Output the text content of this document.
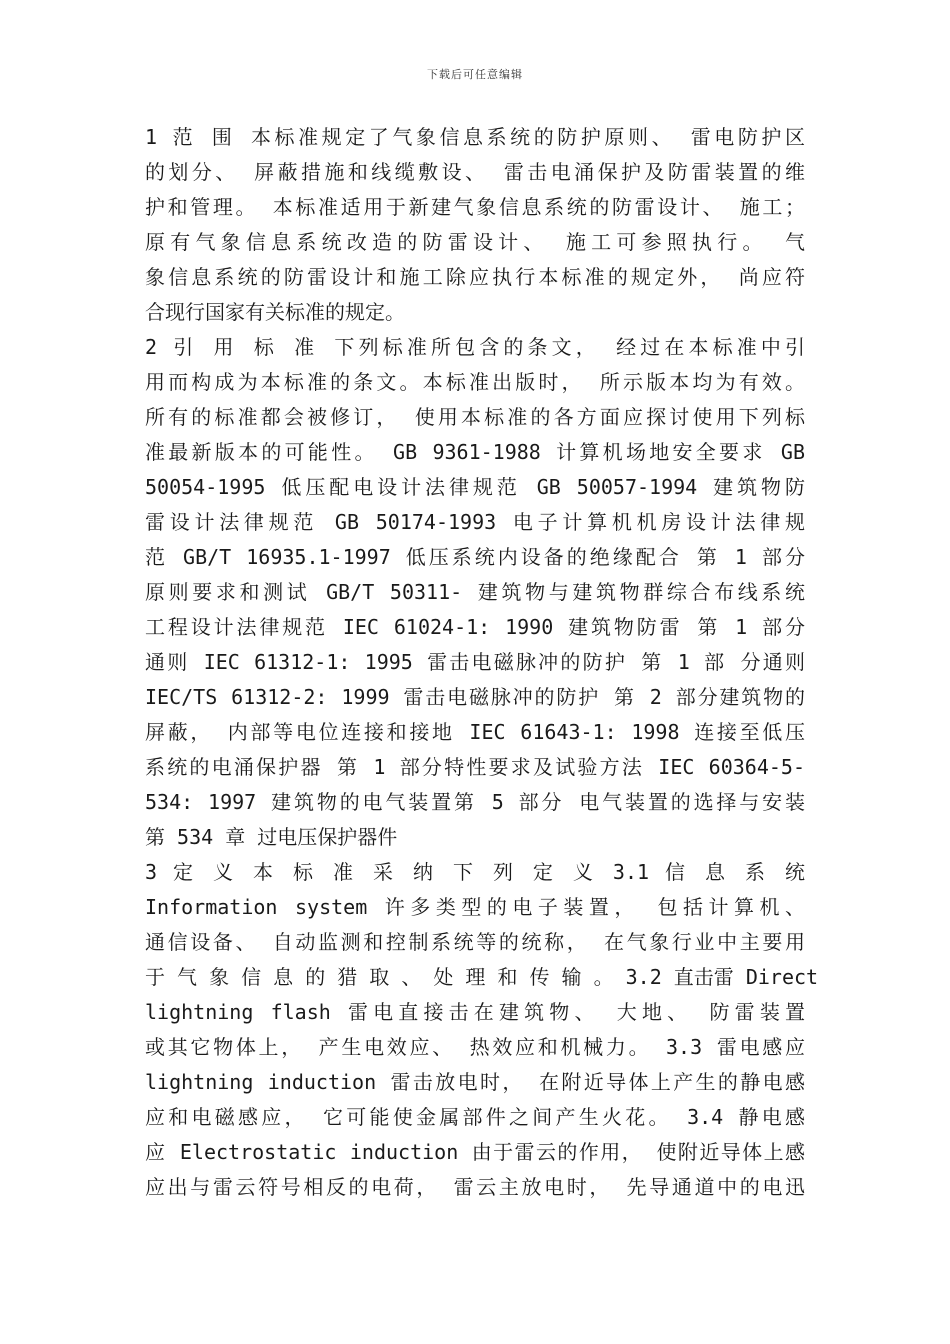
下载后可任意编辑
1 范 围 本标准规定了气象信息系统的防护原则、 雷电防护区
的划分、 屏蔽措施和线缆敷设、 雷击电涌保护及防雷装置的维
护和管理。 本标准适用于新建气象信息系统的防雷设计、 施工；
原有气象信息系统改造的防雷设计、 施工可参照执行。 气
象信息系统的防雷设计和施工除应执行本标准的规定外， 尚应符
合现行国家有关标准的规定。
2 引 用 标 准 下列标准所包含的条文， 经过在本标准中引
用而构成为本标准的条文。本标准出版时， 所示版本均为有效。
所有的标准都会被修订， 使用本标准的各方面应探讨使用下列标
准最新版本的可能性。 GB 9361-1988 计算机场地安全要求 GB
50054-1995 低压配电设计法律规范 GB 50057-1994 建筑物防
雷设计法律规范 GB 50174-1993 电子计算机机房设计法律规
范 GB/T 16935.1-1997 低压系统内设备的绝缘配合 第 1 部分
原则要求和测试 GB/T 50311- 建筑物与建筑物群综合布线系统
工程设计法律规范 IEC 61024-1: 1990 建筑物防雷 第 1 部分
通则 IEC 61312-1: 1995 雷击电磁脉冲的防护 第 1 部 分通则
IEC/TS 61312-2: 1999 雷击电磁脉冲的防护 第 2 部分建筑物的
屏蔽， 内部等电位连接和接地 IEC 61643-1: 1998 连接至低压
系统的电涌保护器 第 1 部分特性要求及试验方法 IEC 60364-5-
534: 1997 建筑物的电气装置第 5 部分 电气装置的选择与安装
第 534 章 过电压保护器件
3 定 义 本 标 准 采 纳 下 列 定 义 3.1 信 息 系 统
Information system 许多类型的电子装置， 包括计算机、
通信设备、 自动监测和控制系统等的统称， 在气象行业中主要用
于 气 象 信 息 的 猎 取 、 处 理 和 传 输 。 3.2 直击雷 Direct
lightning flash 雷电直接击在建筑物、 大地、 防雷装置
或其它物体上， 产生电效应、 热效应和机械力。 3.3 雷电感应
lightning induction 雷击放电时， 在附近导体上产生的静电感
应和电磁感应， 它可能使金属部件之间产生火花。 3.4 静电感
应 Electrostatic induction 由于雷云的作用， 使附近导体上感
应出与雷云符号相反的电荷， 雷云主放电时， 先导通道中的电迅
